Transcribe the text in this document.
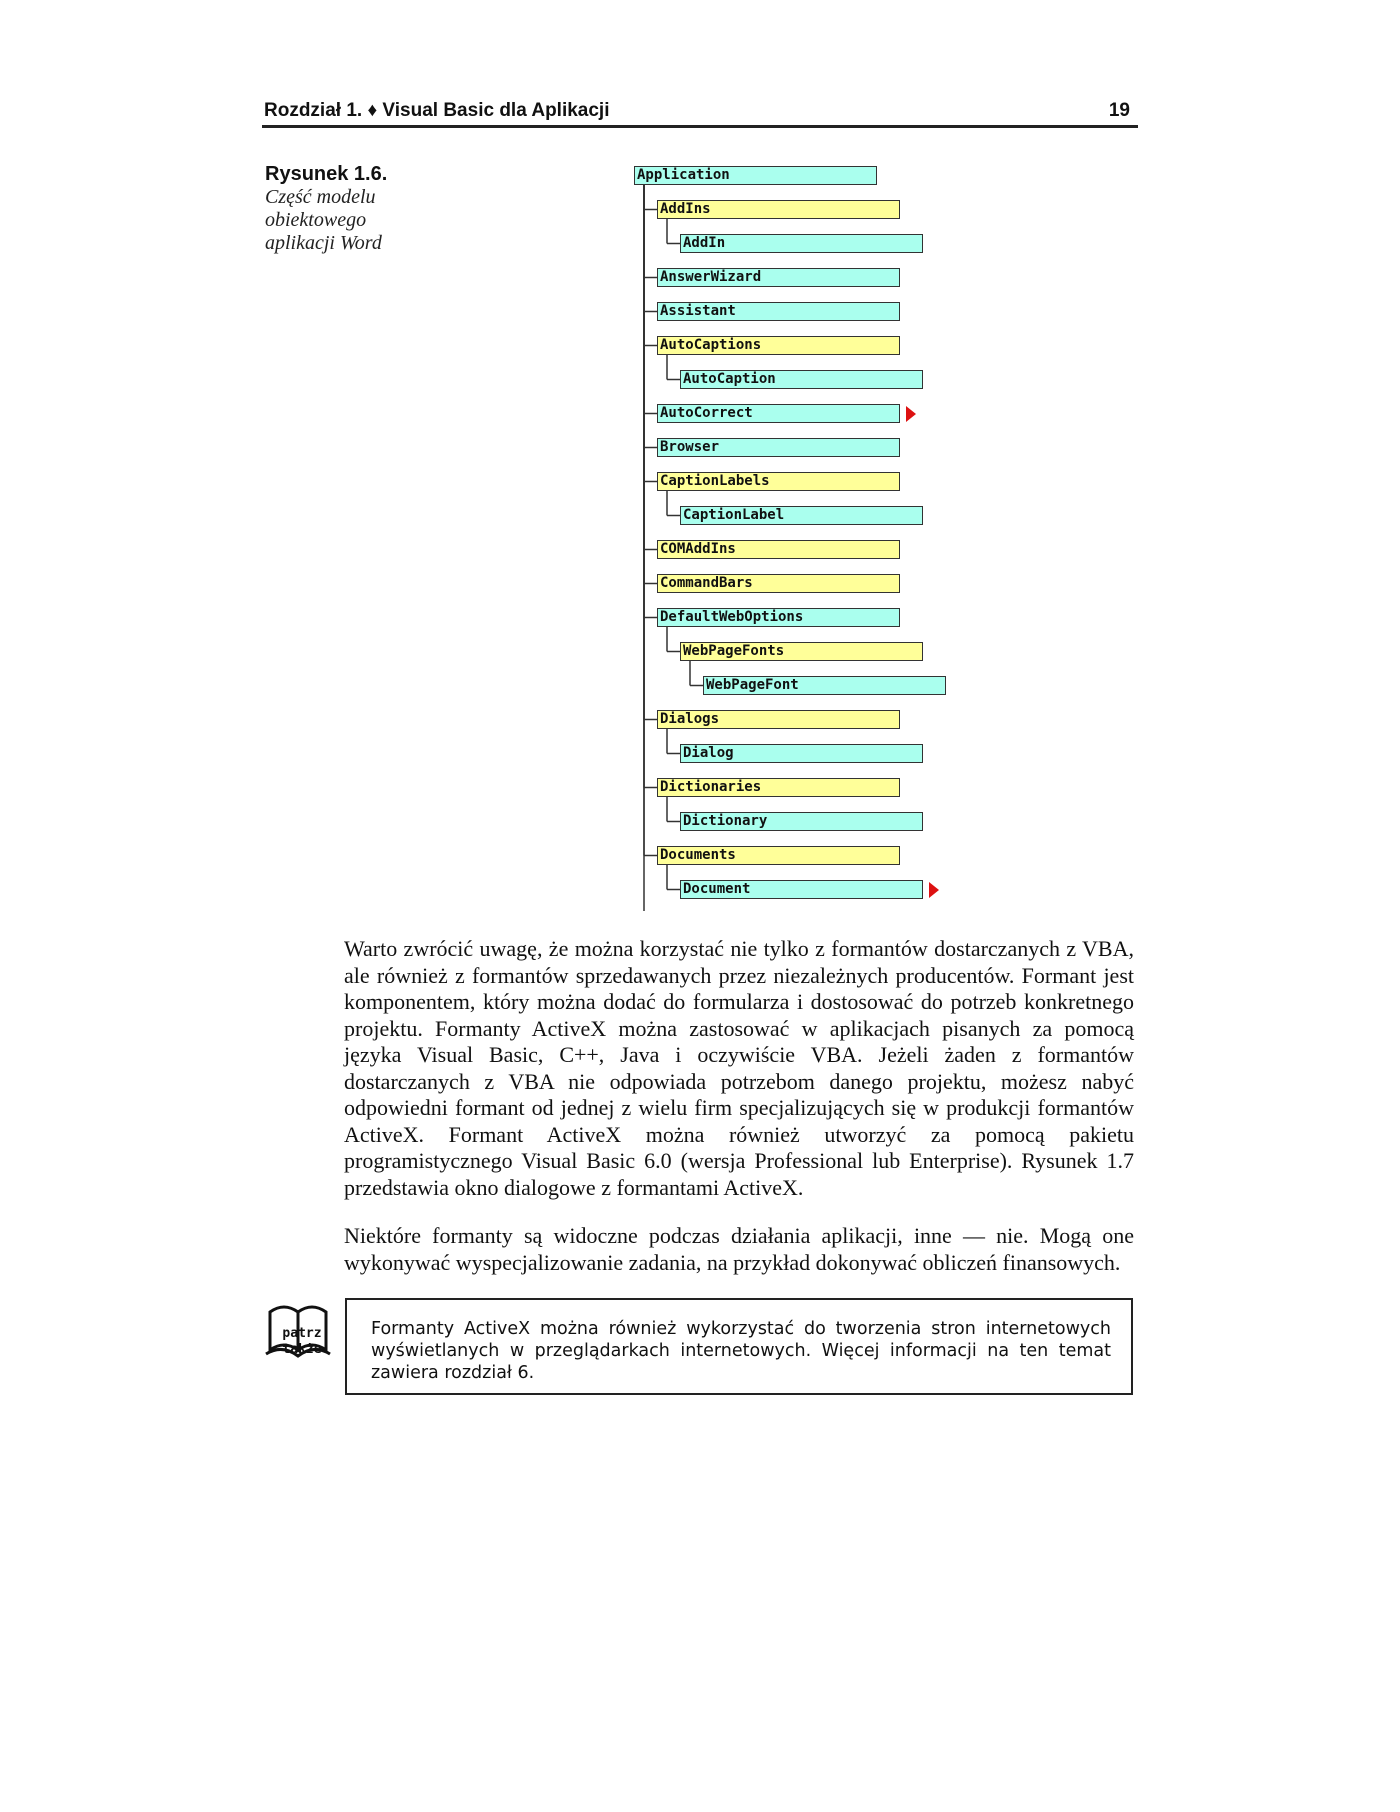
Rozdział 1. ♦ Visual Basic dla Aplikacji	19
Rysunek 1.6.
Część modelu obiektowego aplikacji Word
Application
AddIns
AddIn
AnswerWizard
Assistant
AutoCaptions
AutoCaption
AutoCorrect
Browser
CaptionLabels
CaptionLabel
COMAddIns
CommandBars
DefaultWebOptions
WebPageFonts
WebPageFont
Dialogs
Dialog
Dictionaries
Dictionary
Documents
Document

Warto zwrócić uwagę, że można korzystać nie tylko z formantów dostarczanych z VBA, ale również z formantów sprzedawanych przez niezależnych producentów. Formant jest komponentem, który można dodać do formularza i dostosować do potrzeb konkretnego projektu. Formanty ActiveX można zastosować w aplikacjach pisanych za pomocą języka Visual Basic, C++, Java i oczywiście VBA. Jeżeli żaden z formantów dostarczanych z VBA nie odpowiada potrzebom danego projektu, możesz nabyć odpowiedni formant od jednej z wielu firm specjalizujących się w produkcji formantów ActiveX. Formant ActiveX można również utworzyć za pomocą pakietu programistycznego Visual Basic 6.0 (wersja Professional lub Enterprise). Rysunek 1.7 przedstawia okno dialogowe z formantami ActiveX.

Niektóre formanty są widoczne podczas działania aplikacji, inne — nie. Mogą one wykonywać wyspecjalizowanie zadania, na przykład dokonywać obliczeń finansowych.

patrz także
Formanty ActiveX można również wykorzystać do tworzenia stron internetowych wyświetlanych w przeglądarkach internetowych. Więcej informacji na ten temat zawiera rozdział 6.
